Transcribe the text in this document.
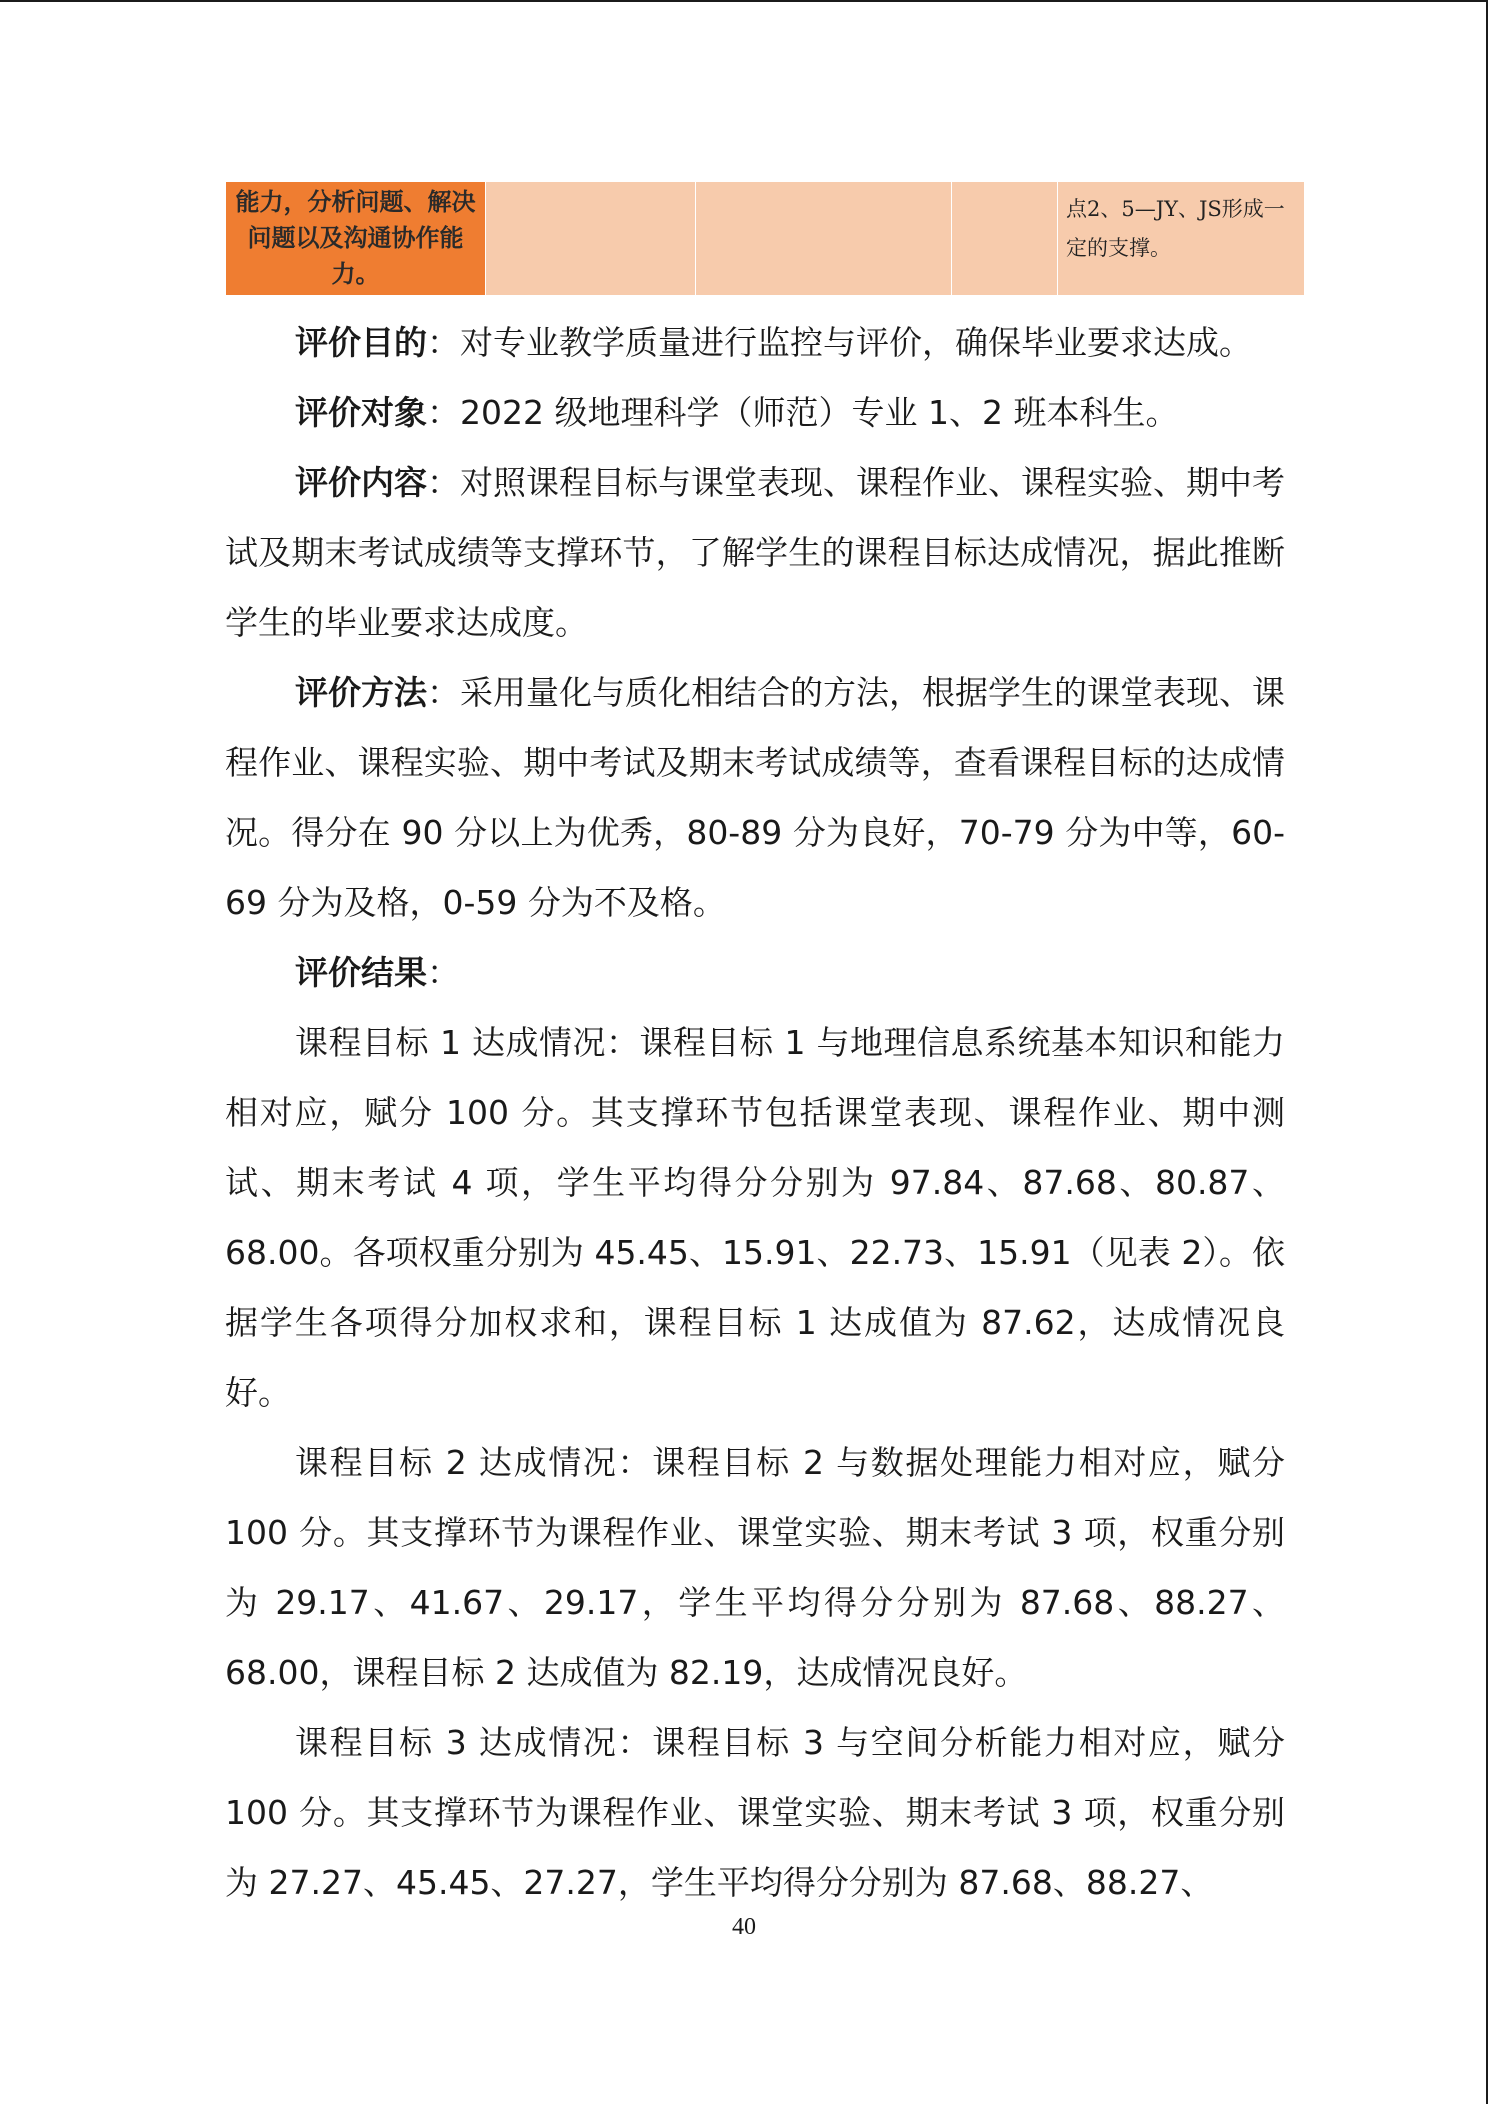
能力，分析问题、解决问题以及沟通协作能力。				点2、5—JY、JS形成一定的支撑。

评价目的：对专业教学质量进行监控与评价，确保毕业要求达成。

评价对象：2022 级地理科学（师范）专业 1、2 班本科生。

评价内容：对照课程目标与课堂表现、课程作业、课程实验、期中考试及期末考试成绩等支撑环节，了解学生的课程目标达成情况，据此推断学生的毕业要求达成度。

评价方法：采用量化与质化相结合的方法，根据学生的课堂表现、课程作业、课程实验、期中考试及期末考试成绩等，查看课程目标的达成情况。得分在 90 分以上为优秀，80-89 分为良好，70-79 分为中等，60-69 分为及格，0-59 分为不及格。

评价结果：

课程目标 1 达成情况：课程目标 1 与地理信息系统基本知识和能力相对应，赋分 100 分。其支撑环节包括课堂表现、课程作业、期中测试、期末考试 4 项，学生平均得分分别为 97.84、87.68、80.87、68.00。各项权重分别为 45.45、15.91、22.73、15.91（见表 2）。依据学生各项得分加权求和，课程目标 1 达成值为 87.62，达成情况良好。

课程目标 2 达成情况：课程目标 2 与数据处理能力相对应，赋分 100 分。其支撑环节为课程作业、课堂实验、期末考试 3 项，权重分别为 29.17、41.67、29.17，学生平均得分分别为 87.68、88.27、68.00，课程目标 2 达成值为 82.19，达成情况良好。

课程目标 3 达成情况：课程目标 3 与空间分析能力相对应，赋分 100 分。其支撑环节为课程作业、课堂实验、期末考试 3 项，权重分别为 27.27、45.45、27.27，学生平均得分分别为 87.68、88.27、

40
